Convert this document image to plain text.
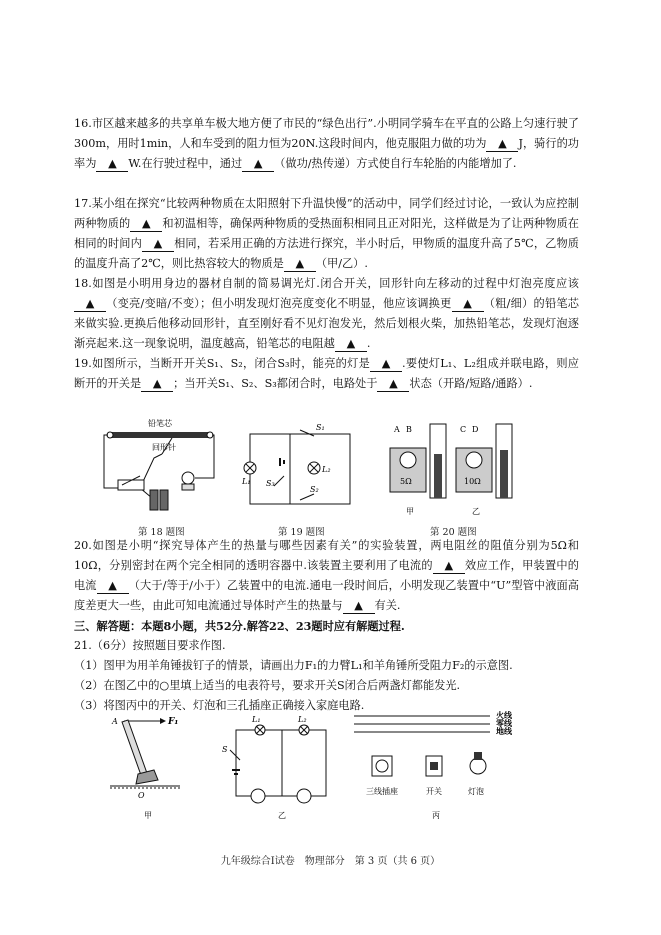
16.市区越来越多的共享单车极大地方便了市民的“绿色出行”.小明同学骑车在平直的公路上匀速行驶了300m，用时1min，人和车受到的阻力恒为20N.这段时间内，他克服阻力做的功为 ▲ J，骑行的功率为 ▲ W.在行驶过程中，通过 ▲ （做功/热传递）方式使自行车轮胎的内能增加了.
17.某小组在探究“比较两种物质在太阳照射下升温快慢”的活动中，同学们经过讨论，一致认为应控制两种物质的 ▲ 和初温相等，确保两种物质的受热面积相同且正对阳光，这样做是为了让两种物质在相同的时间内 ▲ 相同，若采用正确的方法进行探究，半小时后，甲物质的温度升高了5℃，乙物质的温度升高了2℃，则比热容较大的物质是 ▲ （甲/乙）.
18.如图是小明用身边的器材自制的简易调光灯.闭合开关，回形针向左移动的过程中灯泡亮度应该▲ （变亮/变暗/不变）；但小明发现灯泡亮度变化不明显，他应该调换更 ▲ （粗/细）的铅笔芯来做实验.更换后他移动回形针，直至刚好看不见灯泡发光，然后划根火柴，加热铅笔芯，发现灯泡逐渐亮起来.这一现象说明，温度越高，铅笔芯的电阻越 ▲ .
19.如图所示，当断开开关S₁、S₂，闭合S₃时，能亮的灯是 ▲ .要使灯L₁、L₂组成并联电路，则应断开的开关是 ▲ ；当开关S₁、S₂、S₃都闭合时，电路处于 ▲ 状态（开路/短路/通路）.
铅笔芯
回形针
第 18 题图
S₁
S₂
S₃
L₁
L₂
第 19 题图
A B	C D
5Ω	10Ω
甲	乙
第 20 题图
20.如图是小明“探究导体产生的热量与哪些因素有关”的实验装置，两电阻丝的阻值分别为5Ω和10Ω，分别密封在两个完全相同的透明容器中.该装置主要利用了电流的 ▲ 效应工作，甲装置中的电流 ▲ （大于/等于/小于）乙装置中的电流.通电一段时间后，小明发现乙装置中“U”型管中液面高度差更大一些，由此可知电流通过导体时产生的热量与 ▲ 有关.
三、解答题：本题8小题，共52分.解答22、23题时应有解题过程.
21.（6分）按照题目要求作图.
（1）图甲为用羊角锤拔钉子的情景，请画出力F₁的力臂L₁和羊角锤所受阻力F₂的示意图.
（2）在图乙中的○里填上适当的电表符号，要求开关S闭合后两盏灯都能发光.
（3）将图丙中的开关、灯泡和三孔插座正确接入家庭电路.
A	F₁
O
甲
L₁	L₂
S
乙
火线
零线
地线
三线插座	开关	灯泡
丙
九年级综合Ⅰ试卷　物理部分　第 3 页（共 6 页）
